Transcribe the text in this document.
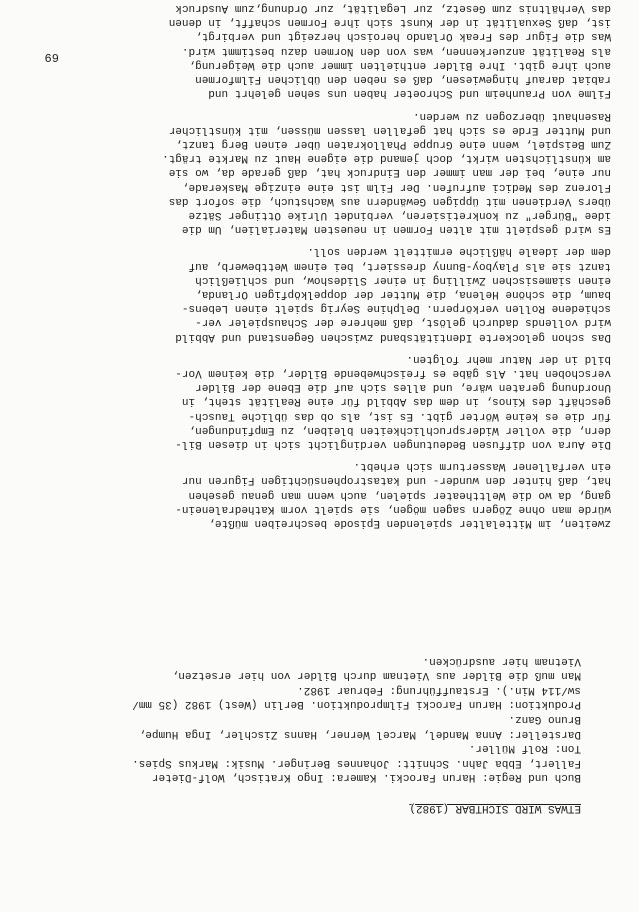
zweiten, im Mittelalter spielenden Episode beschreiben müßte,
würde man ohne Zögern sagen mögen, sie spielt vorm Kathedralenein-
gang, da wo die Welttheater spielen, auch wenn man genau gesehen
hat, daß hinter den wunder- und katastrophensüchtigen Figuren nur
ein verfallener Wasserturm sich erhebt.
Die Aura von diffusen Bedeutungen verdinglicht sich in diesen Bil-
dern, die voller Widerspruchlichkeiten bleiben, zu Empfindungen,
für die es keine Wörter gibt. Es ist, als ob das übliche Tausch-
geschäft des Kinos, in dem das Abbild für eine Realität steht, in
Unordnung geraten wäre, und alles sich auf die Ebene der Bilder
verschoben hat. Als gäbe es freischwebende Bilder, die keinem Vor-
bild in der Natur mehr folgten.
Das schon gelockerte Identitätsband zwischen Gegenstand und Abbild
wird vollends dadurch gelöst, daß mehrere der Schauspieler ver-
schiedene Rollen verkörpern. Delphine Seyrig spielt einen Lebens-
baum, die schöne Helena, die Mutter der doppelköpfigen Orlanda,
einen siamesischen Zwilling in einer Slideshow, und schließlich
tanzt sie als Playboy-Bunny dressiert, bei einem Wettbewerb, auf
dem der ideale häßliche ermittelt werden soll.
Es wird gespielt mit alten Formen in neuesten Materialien, Um die
idee "Bürger" zu konkretisieren, verbindet Ulrike Ottinger Sätze
übers Verdienen mit üppigen Gewändern aus Wachstuch, die sofort das
Florenz des Medici aufrufen. Der Film ist eine einzige Maskerade,
nur eine, bei der man immer den Eindruck hat, daß gerade da, wo sie
am künstlichsten wirkt, doch jemand die eigene Haut zu Markte trägt.
Zum Beispiel, wenn eine Gruppe Phallokraten über einen Berg tanzt,
und Mutter Erde es sich hat gefallen lassen müssen, mit künstlicher
Rasenhaut überzogen zu werden.
Filme von Praunheim und Schroeter haben uns sehen gelehrt und
rabiat darauf hingewiesen, daß es neben den üblichen Filmformen
auch ihre gibt. Ihre Bilder enthielten immer auch die Weigerung,
als Realität anzuerkennen, was von den Normen dazu bestimmt wird.
Was die Figur des Freak Orlando heroisch herzeigt und verbirgt,
ist, daß Sexualität in der Kunst sich ihre Formen schafft, in denen
das Verhältnis zum Gesetz, zur Legalität, zur Ordnung,zum Ausdruck
ETWAS WIRD SICHTBAR (1982)
Buch und Regie: Harun Farocki. Kamera: Ingo Kratisch, Wolf-Dieter
Fallert, Ebba Jahn. Schnitt: Johannes Beringer. Musik: Markus Spies.
Ton: Rolf Müller.
Darsteller: Anna Mandel, Marcel Werner, Hanns Zischler, Inga Humpe,
Bruno Ganz.
Produktion: Harun Farocki Filmproduktion. Berlin (West) 1982 (35 mm/
sw/114 Min.). Erstaufführung: Februar 1982.
Man muß die Bilder aus Vietnam durch Bilder von hier ersetzen,
Vietnam hier ausdrücken.
69
